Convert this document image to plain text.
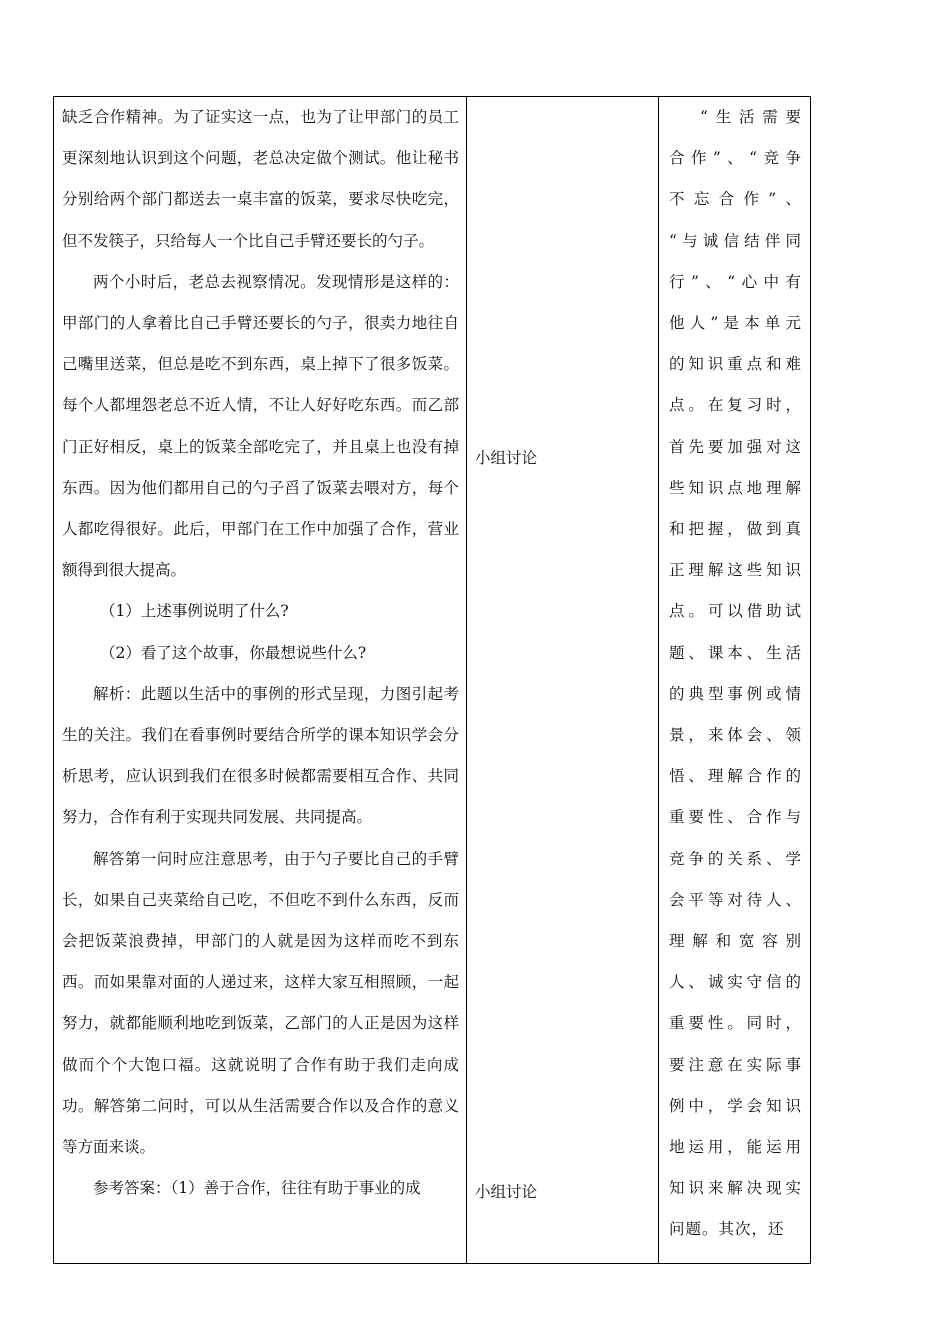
缺乏合作精神。为了证实这一点，也为了让甲部门的员工更深刻地认识到这个问题，老总决定做个测试。他让秘书分别给两个部门都送去一桌丰富的饭菜，要求尽快吃完，但不发筷子，只给每人一个比自己手臂还要长的勺子。

两个小时后，老总去视察情况。发现情形是这样的：甲部门的人拿着比自己手臂还要长的勺子，很卖力地往自己嘴里送菜，但总是吃不到东西，桌上掉下了很多饭菜。每个人都埋怨老总不近人情，不让人好好吃东西。而乙部门正好相反，桌上的饭菜全部吃完了，并且桌上也没有掉东西。因为他们都用自己的勺子舀了饭菜去喂对方，每个人都吃得很好。此后，甲部门在工作中加强了合作，营业额得到很大提高。

（1）上述事例说明了什么?

（2）看了这个故事，你最想说些什么?

解析：此题以生活中的事例的形式呈现，力图引起考生的关注。我们在看事例时要结合所学的课本知识学会分析思考，应认识到我们在很多时候都需要相互合作、共同努力，合作有利于实现共同发展、共同提高。

解答第一问时应注意思考，由于勺子要比自己的手臂长，如果自己夹菜给自己吃，不但吃不到什么东西，反而会把饭菜浪费掉，甲部门的人就是因为这样而吃不到东西。而如果靠对面的人递过来，这样大家互相照顾，一起努力，就都能顺利地吃到饭菜，乙部门的人正是因为这样做而个个大饱口福。这就说明了合作有助于我们走向成功。解答第二问时，可以从生活需要合作以及合作的意义等方面来谈。

参考答案：（1）善于合作，往往有助于事业的成

小组讨论
小组讨论

“生活需要

合作”、“竞争

不忘合作”、

“与诚信结伴同

行”、“心中有

他人”是本单元

的知识重点和难

点。在复习时，

首先要加强对这

些知识点地理解

和把握，做到真

正理解这些知识

点。可以借助试

题、课本、生活

的典型事例或情

景，来体会、领

悟、理解合作的

重要性、合作与

竞争的关系、学

会平等对待人、

理解和宽容别

人、诚实守信的

重要性。同时，

要注意在实际事

例中，学会知识

地运用，能运用

知识来解决现实

问题。其次，还
